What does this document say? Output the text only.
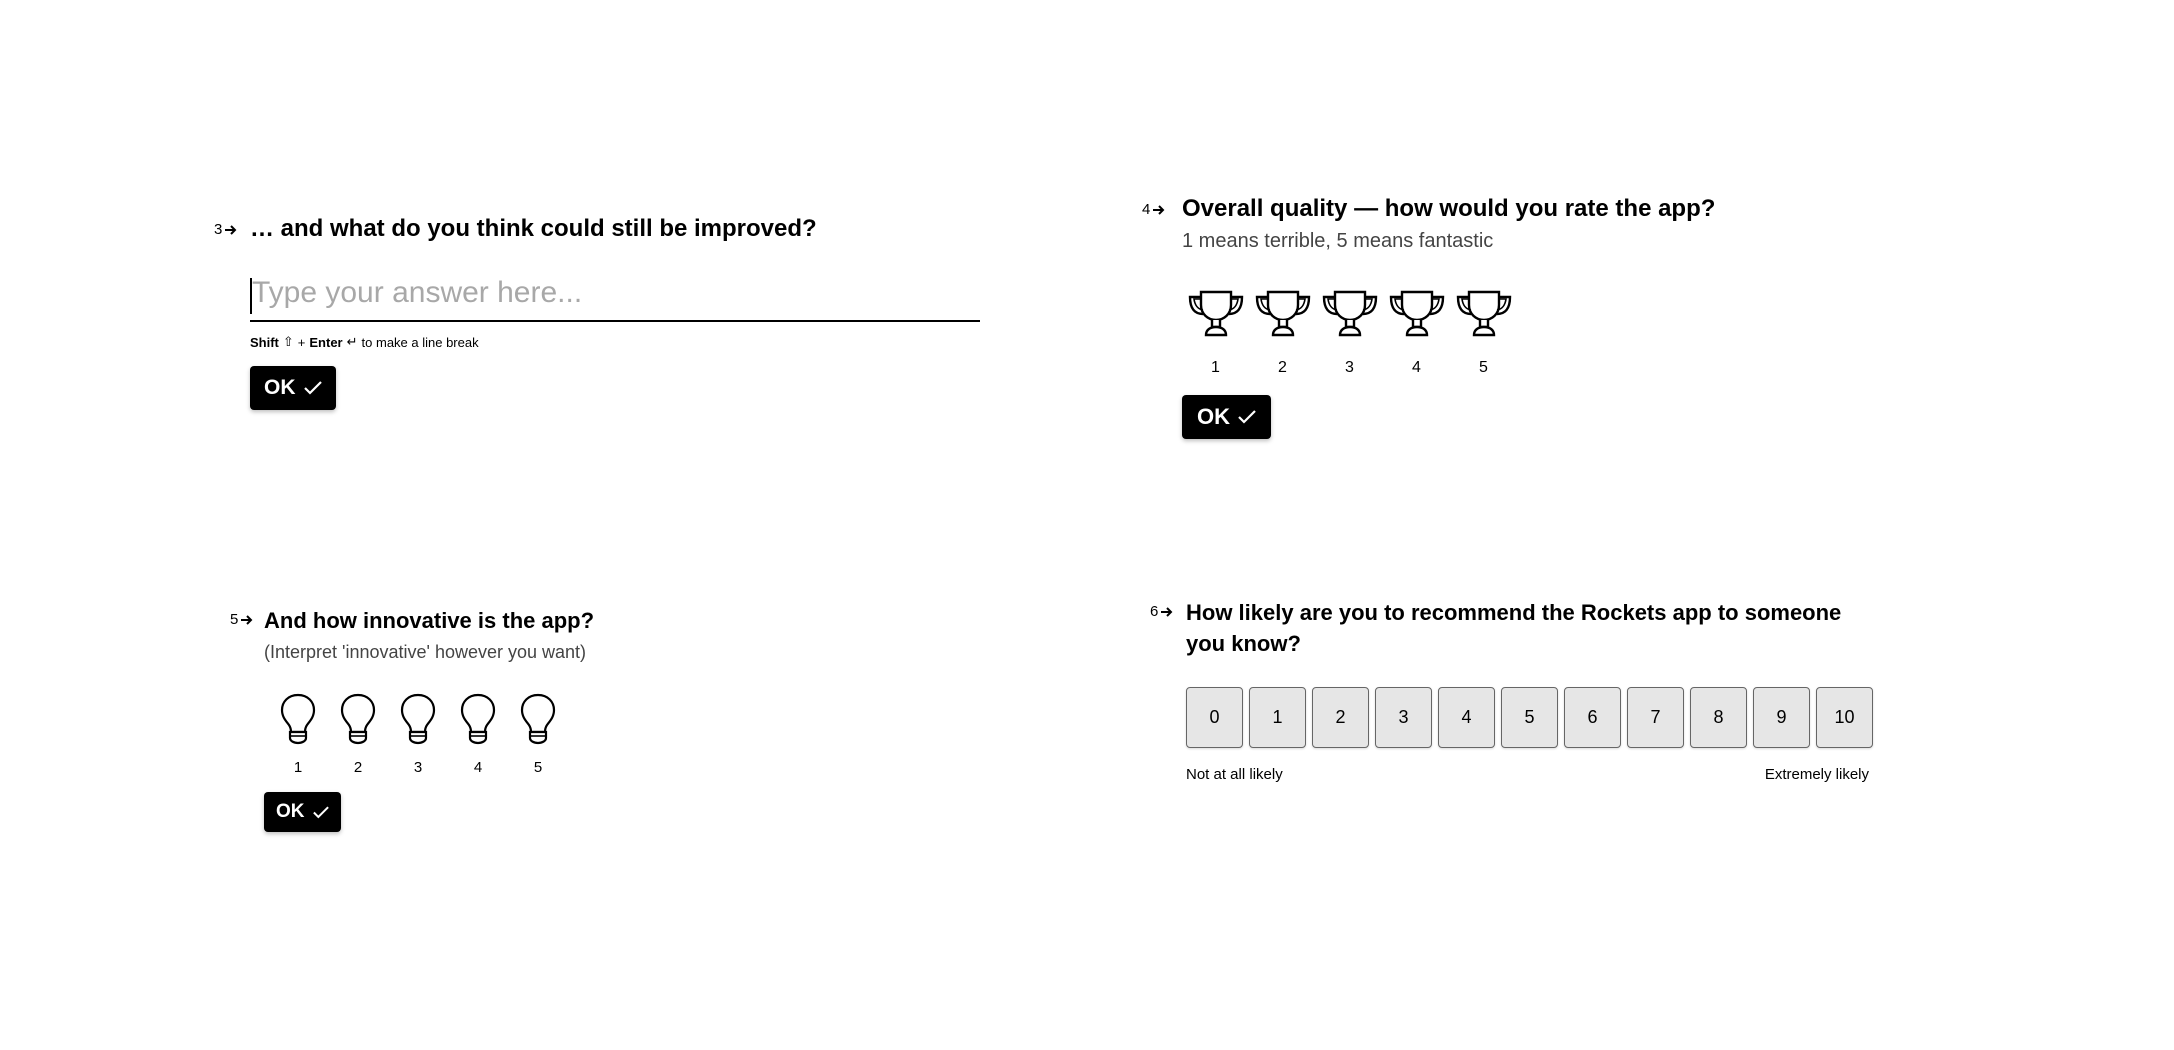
3 … and what do you think could still be improved?
Type your answer here...
Shift ⇧ + Enter ↵ to make a line break
OK
4 Overall quality — how would you rate the app?

1 means terrible, 5 means fantastic

1	2	3	4	5
OK
5 And how innovative is the app?

(Interpret 'innovative' however you want)

1	2	3	4	5
OK
6 How likely are you to recommend the Rockets app to someone you know?
0	1	2	3	4	5	6	7	8	9	10
Not at all likely	Extremely likely
